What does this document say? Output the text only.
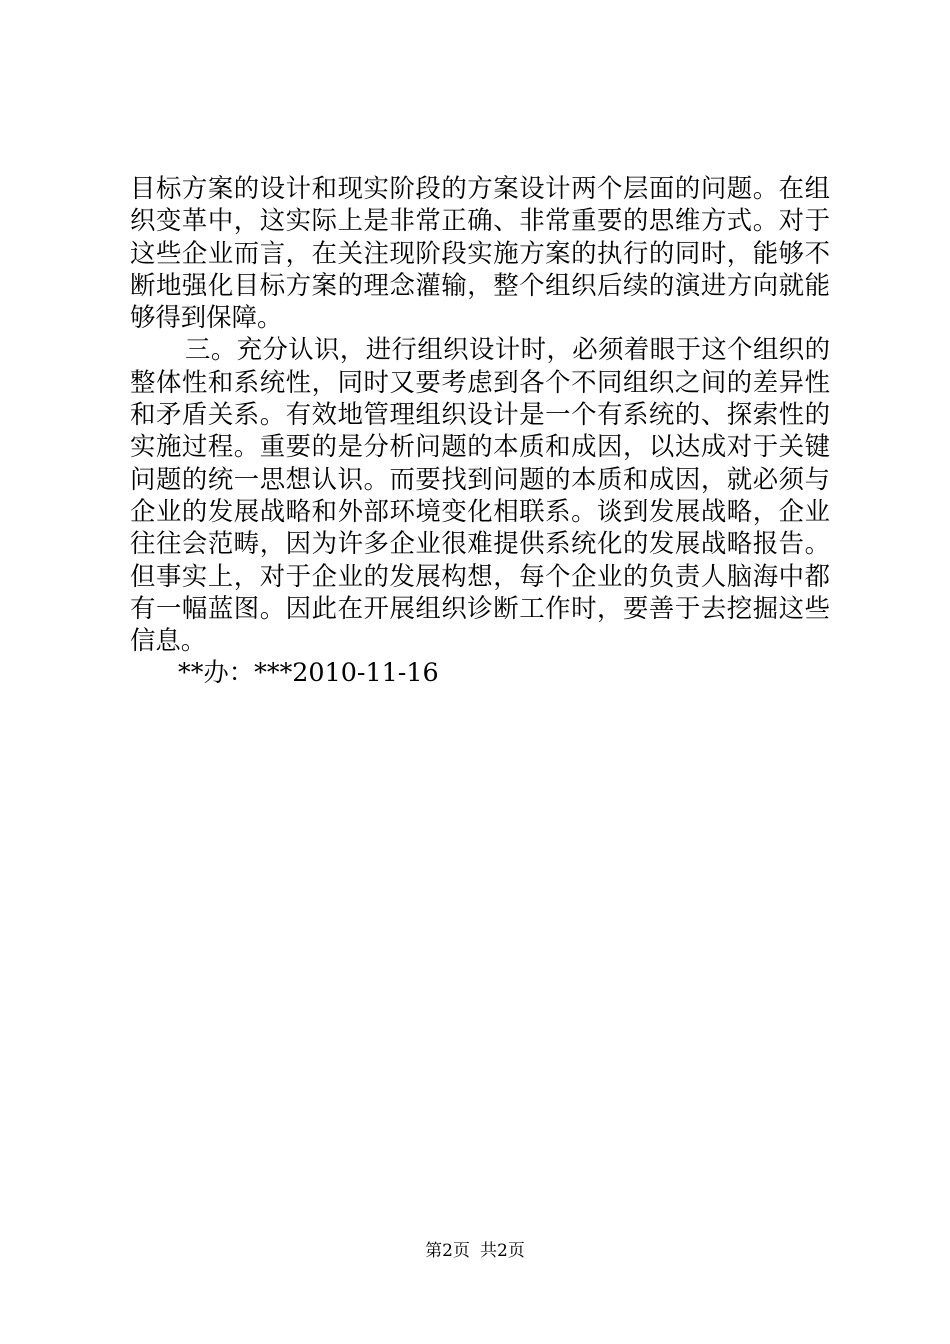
目标方案的设计和现实阶段的方案设计两个层面的问题。在组
织变革中，这实际上是非常正确、非常重要的思维方式。对于
这些企业而言，在关注现阶段实施方案的执行的同时，能够不
断地强化目标方案的理念灌输，整个组织后续的演进方向就能
够得到保障。
三。充分认识，进行组织设计时，必须着眼于这个组织的
整体性和系统性，同时又要考虑到各个不同组织之间的差异性
和矛盾关系。有效地管理组织设计是一个有系统的、探索性的
实施过程。重要的是分析问题的本质和成因，以达成对于关键
问题的统一思想认识。而要找到问题的本质和成因，就必须与
企业的发展战略和外部环境变化相联系。谈到发展战略，企业
往往会范畴，因为许多企业很难提供系统化的发展战略报告。
但事实上，对于企业的发展构想，每个企业的负责人脑海中都
有一幅蓝图。因此在开展组织诊断工作时，要善于去挖掘这些
信息。
**办：***2010-11-16
第2页 共2页
